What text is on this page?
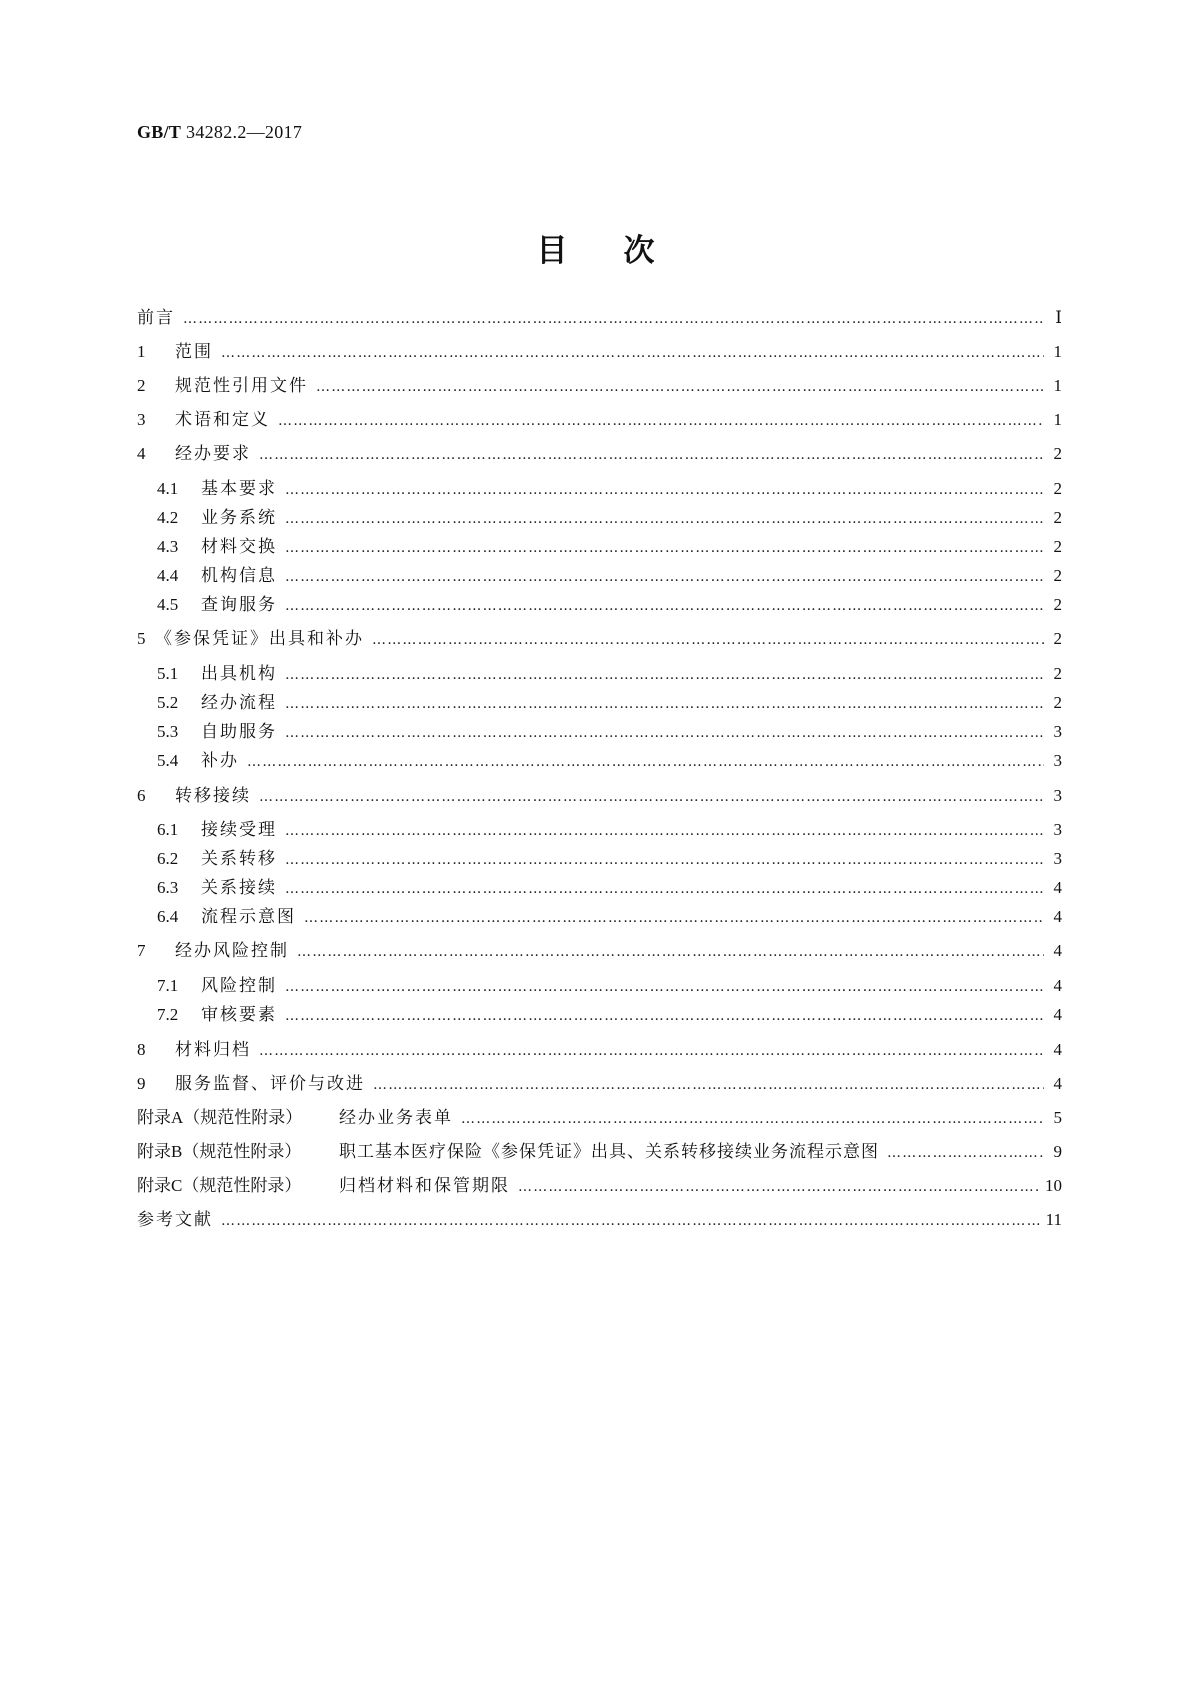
GB/T 34282.2—2017
目次
前言 …………………………………………………………………………………………………………………………………………………………………………………………………………………………………………	Ⅰ
1	范围 …………………………………………………………………………………………………………………………………………………………………………………………………………………………………………	1
2	规范性引用文件 …………………………………………………………………………………………………………………………………………………………………………………………………………………………………………	1
3	术语和定义 …………………………………………………………………………………………………………………………………………………………………………………………………………………………………………	1
4	经办要求 …………………………………………………………………………………………………………………………………………………………………………………………………………………………………………	2
4.1	基本要求 …………………………………………………………………………………………………………………………………………………………………………………………………………………………………………	2
4.2	业务系统 …………………………………………………………………………………………………………………………………………………………………………………………………………………………………………	2
4.3	材料交换 …………………………………………………………………………………………………………………………………………………………………………………………………………………………………………	2
4.4	机构信息 …………………………………………………………………………………………………………………………………………………………………………………………………………………………………………	2
4.5	查询服务 …………………………………………………………………………………………………………………………………………………………………………………………………………………………………………	2
5 《参保凭证》出具和补办 …………………………………………………………………………………………………………………………………………………………………………………………………………………………………………	2
5.1	出具机构 …………………………………………………………………………………………………………………………………………………………………………………………………………………………………………	2
5.2	经办流程 …………………………………………………………………………………………………………………………………………………………………………………………………………………………………………	2
5.3	自助服务 …………………………………………………………………………………………………………………………………………………………………………………………………………………………………………	3
5.4	补办 …………………………………………………………………………………………………………………………………………………………………………………………………………………………………………	3
6	转移接续 …………………………………………………………………………………………………………………………………………………………………………………………………………………………………………	3
6.1	接续受理 …………………………………………………………………………………………………………………………………………………………………………………………………………………………………………	3
6.2	关系转移 …………………………………………………………………………………………………………………………………………………………………………………………………………………………………………	3
6.3	关系接续 …………………………………………………………………………………………………………………………………………………………………………………………………………………………………………	4
6.4	流程示意图 …………………………………………………………………………………………………………………………………………………………………………………………………………………………………………	4
7	经办风险控制 …………………………………………………………………………………………………………………………………………………………………………………………………………………………………………	4
7.1	风险控制 …………………………………………………………………………………………………………………………………………………………………………………………………………………………………………	4
7.2	审核要素 …………………………………………………………………………………………………………………………………………………………………………………………………………………………………………	4
8	材料归档 …………………………………………………………………………………………………………………………………………………………………………………………………………………………………………	4
9	服务监督、评价与改进 …………………………………………………………………………………………………………………………………………………………………………………………………………………………………………	4
附录A（规范性附录）	经办业务表单 …………………………………………………………………………………………………………………………………………………………………………………………………………………………………………	5
附录B（规范性附录）	职工基本医疗保险《参保凭证》出具、关系转移接续业务流程示意图 …………………………………………………………………………………………………………………………………………………………………………………………………………………………………………	9
附录C（规范性附录）	归档材料和保管期限 …………………………………………………………………………………………………………………………………………………………………………………………………………………………………………	10
参考文献 …………………………………………………………………………………………………………………………………………………………………………………………………………………………………………	11
